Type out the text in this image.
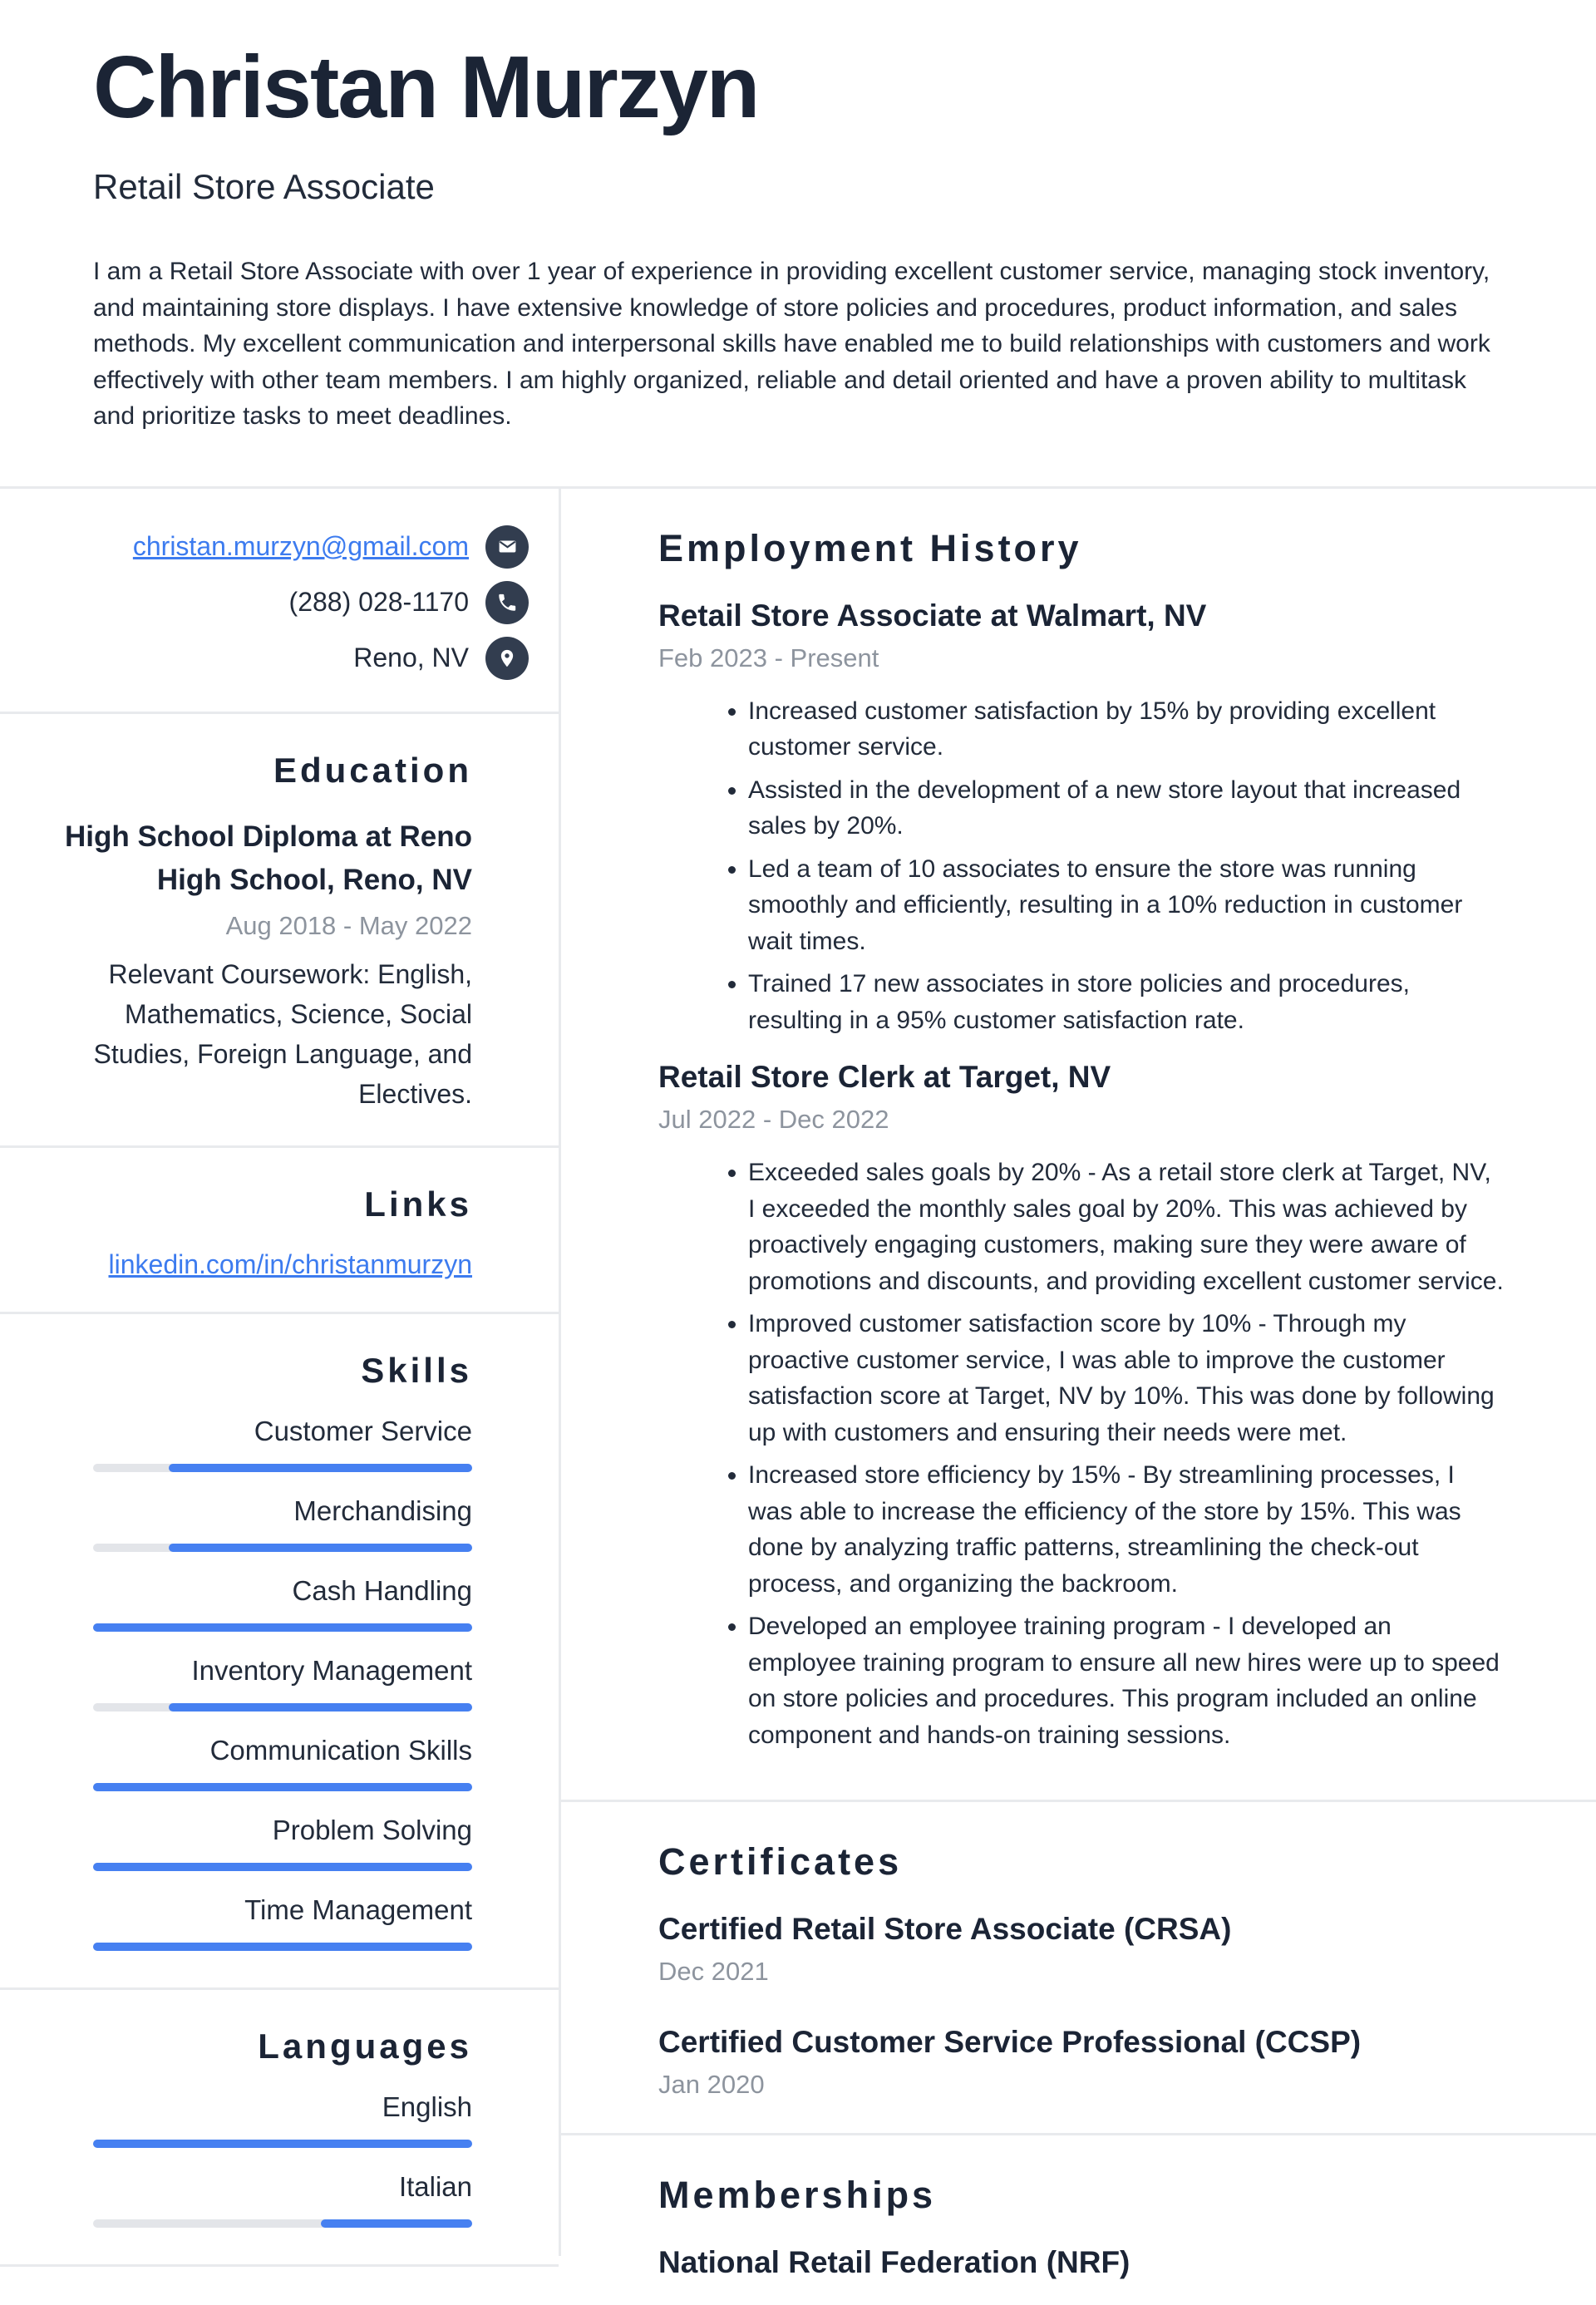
Christan Murzyn
Retail Store Associate

I am a Retail Store Associate with over 1 year of experience in providing excellent customer service, managing stock inventory, and maintaining store displays. I have extensive knowledge of store policies and procedures, product information, and sales methods. My excellent communication and interpersonal skills have enabled me to build relationships with customers and work effectively with other team members. I am highly organized, reliable and detail oriented and have a proven ability to multitask and prioritize tasks to meet deadlines.

christan.murzyn@gmail.com
(288) 028-1170
Reno, NV
Education

High School Diploma at Reno High School, Reno, NV

Aug 2018 - May 2022

Relevant Coursework: English, Mathematics, Science, Social Studies, Foreign Language, and Electives.

Links
linkedin.com/in/christanmurzyn
Skills
Customer Service
Merchandising
Cash Handling
Inventory Management
Communication Skills
Problem Solving
Time Management
Languages
English
Italian
Employment History
Retail Store Associate at Walmart, NV

Feb 2023 - Present

• Increased customer satisfaction by 15% by providing excellent customer service.
• Assisted in the development of a new store layout that increased sales by 20%.
• Led a team of 10 associates to ensure the store was running smoothly and efficiently, resulting in a 10% reduction in customer wait times.
• Trained 17 new associates in store policies and procedures, resulting in a 95% customer satisfaction rate.
Retail Store Clerk at Target, NV

Jul 2022 - Dec 2022

• Exceeded sales goals by 20% - As a retail store clerk at Target, NV, I exceeded the monthly sales goal by 20%. This was achieved by proactively engaging customers, making sure they were aware of promotions and discounts, and providing excellent customer service.
• Improved customer satisfaction score by 10% - Through my proactive customer service, I was able to improve the customer satisfaction score at Target, NV by 10%. This was done by following up with customers and ensuring their needs were met.
• Increased store efficiency by 15% - By streamlining processes, I was able to increase the efficiency of the store by 15%. This was done by analyzing traffic patterns, streamlining the check-out process, and organizing the backroom.
• Developed an employee training program - I developed an employee training program to ensure all new hires were up to speed on store policies and procedures. This program included an online component and hands-on training sessions.
Certificates
Certified Retail Store Associate (CRSA)

Dec 2021

Certified Customer Service Professional (CCSP)

Jan 2020

Memberships
National Retail Federation (NRF)
